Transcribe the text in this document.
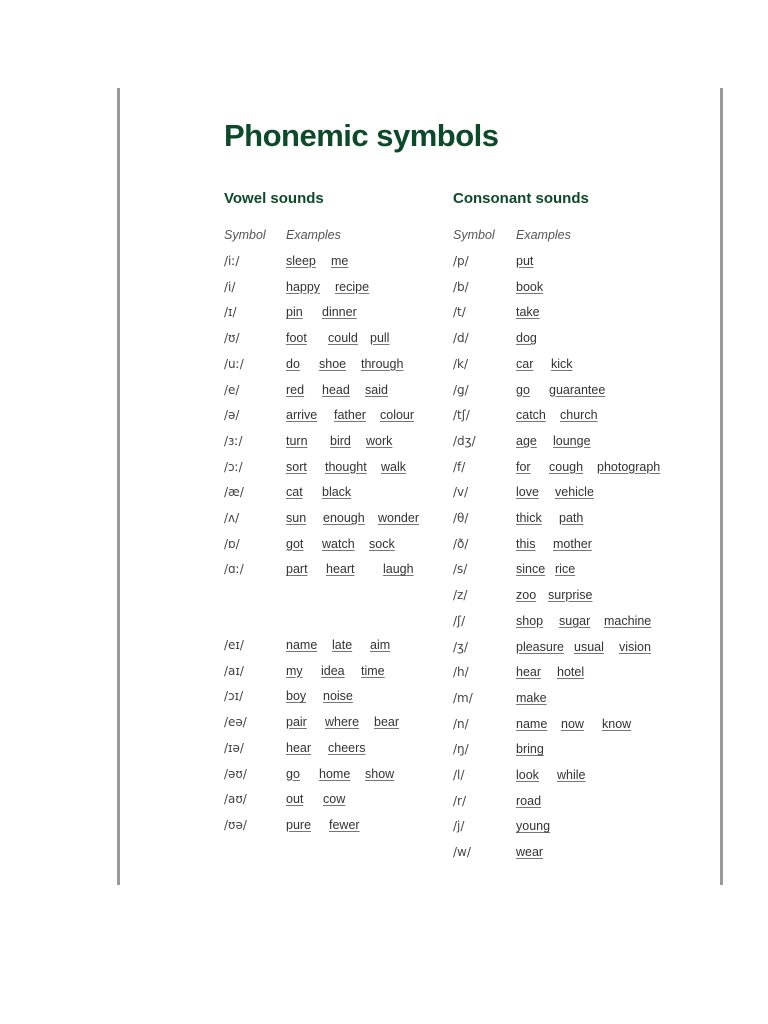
Phonemic symbols
Vowel sounds	Consonant sounds
Symbol Examples	Symbol Examples
/iː/	sleep me
/i/	happy recipe
/ɪ/	pin dinner
/ʊ/	foot could pull
/uː/	do shoe through
/e/	red head said
/ə/	arrive father colour
/ɜː/	turn bird work
/ɔː/	sort thought walk
/æ/	cat black
/ʌ/	sun enough wonder
/ɒ/	got watch sock
/ɑː/	part heart laugh
/eɪ/	name late aim
/aɪ/	my idea time
/ɔɪ/	boy noise
/eə/	pair where bear
/ɪə/	hear cheers
/əʊ/	go home show
/aʊ/	out cow
/ʊə/	pure fewer
/p/	put
/b/	book
/t/	take
/d/	dog
/k/	car kick
/g/	go guarantee
/tʃ/	catch church
/dʒ/	age lounge
/f/	for cough photograph
/v/	love vehicle
/θ/	thick path
/ð/	this mother
/s/	since rice
/z/	zoo surprise
/ʃ/	shop sugar machine
/ʒ/	pleasure usual vision
/h/	hear hotel
/m/	make
/n/	name now know
/ŋ/	bring
/l/	look while
/r/	road
/j/	young
/w/	wear
